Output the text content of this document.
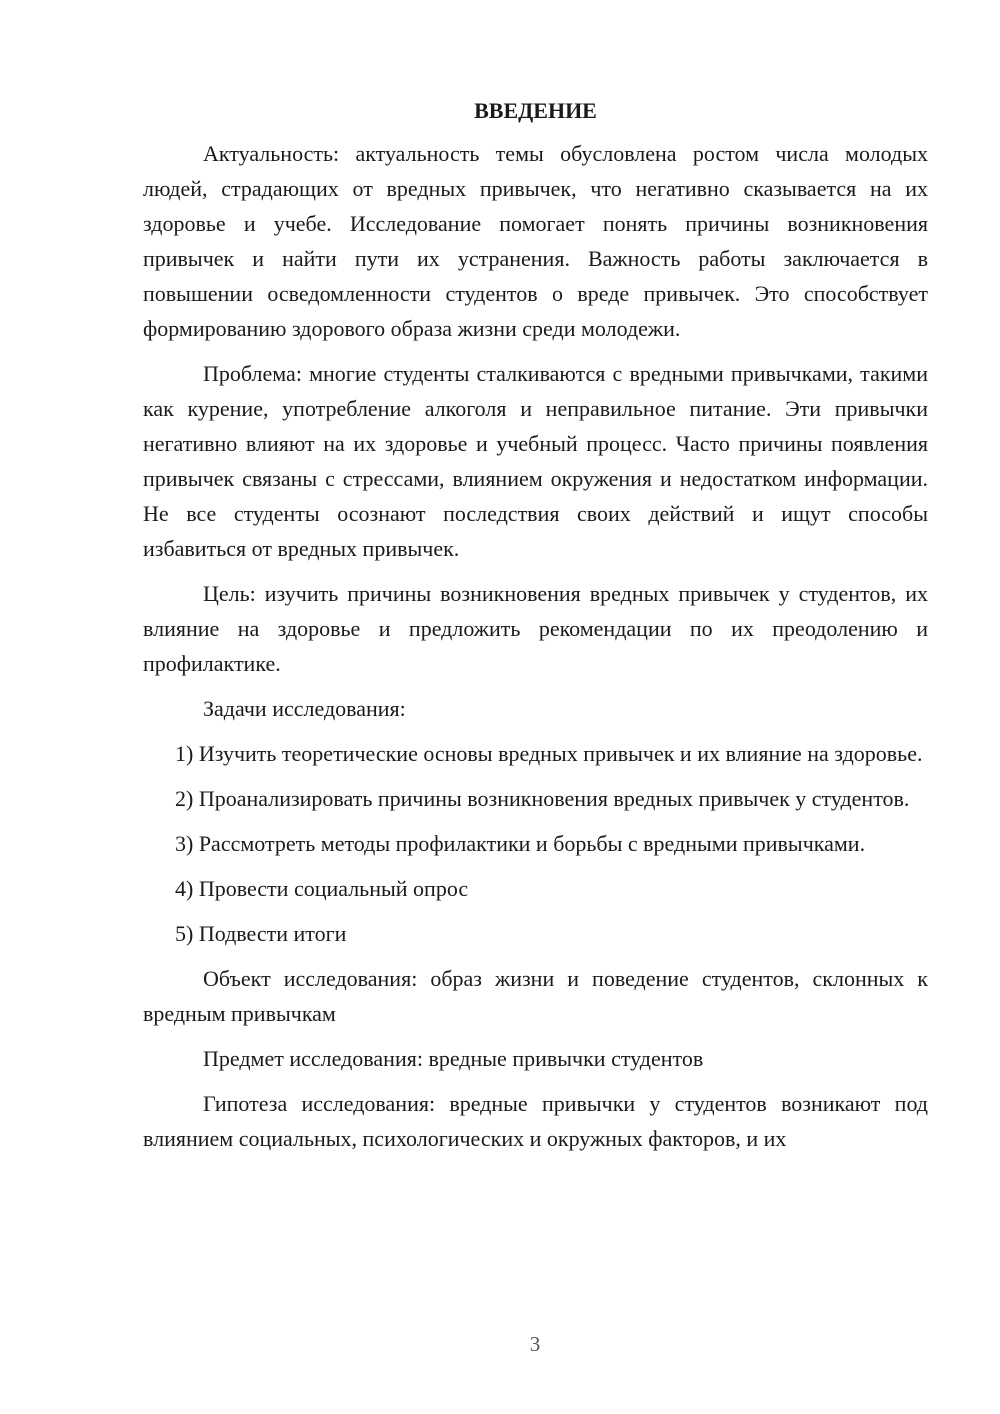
ВВЕДЕНИЕ

Актуальность: актуальность темы обусловлена ростом числа молодых людей, страдающих от вредных привычек, что негативно сказывается на их здоровье и учебе. Исследование помогает понять причины возникновения привычек и найти пути их устранения. Важность работы заключается в повышении осведомленности студентов о вреде привычек. Это способствует формированию здорового образа жизни среди молодежи.

Проблема: многие студенты сталкиваются с вредными привычками, такими как курение, употребление алкоголя и неправильное питание. Эти привычки негативно влияют на их здоровье и учебный процесс. Часто причины появления привычек связаны с стрессами, влиянием окружения и недостатком информации. Не все студенты осознают последствия своих действий и ищут способы избавиться от вредных привычек.

Цель: изучить причины возникновения вредных привычек у студентов, их влияние на здоровье и предложить рекомендации по их преодолению и профилактике.

Задачи исследования:

1) Изучить теоретические основы вредных привычек и их влияние на здоровье.

2) Проанализировать причины возникновения вредных привычек у студентов.

3) Рассмотреть методы профилактики и борьбы с вредными привычками.

4) Провести социальный опрос

5) Подвести итоги

Объект исследования: образ жизни и поведение студентов, склонных к вредным привычкам

Предмет исследования: вредные привычки студентов

Гипотеза исследования: вредные привычки у студентов возникают под влиянием социальных, психологических и окружных факторов, и их

3
